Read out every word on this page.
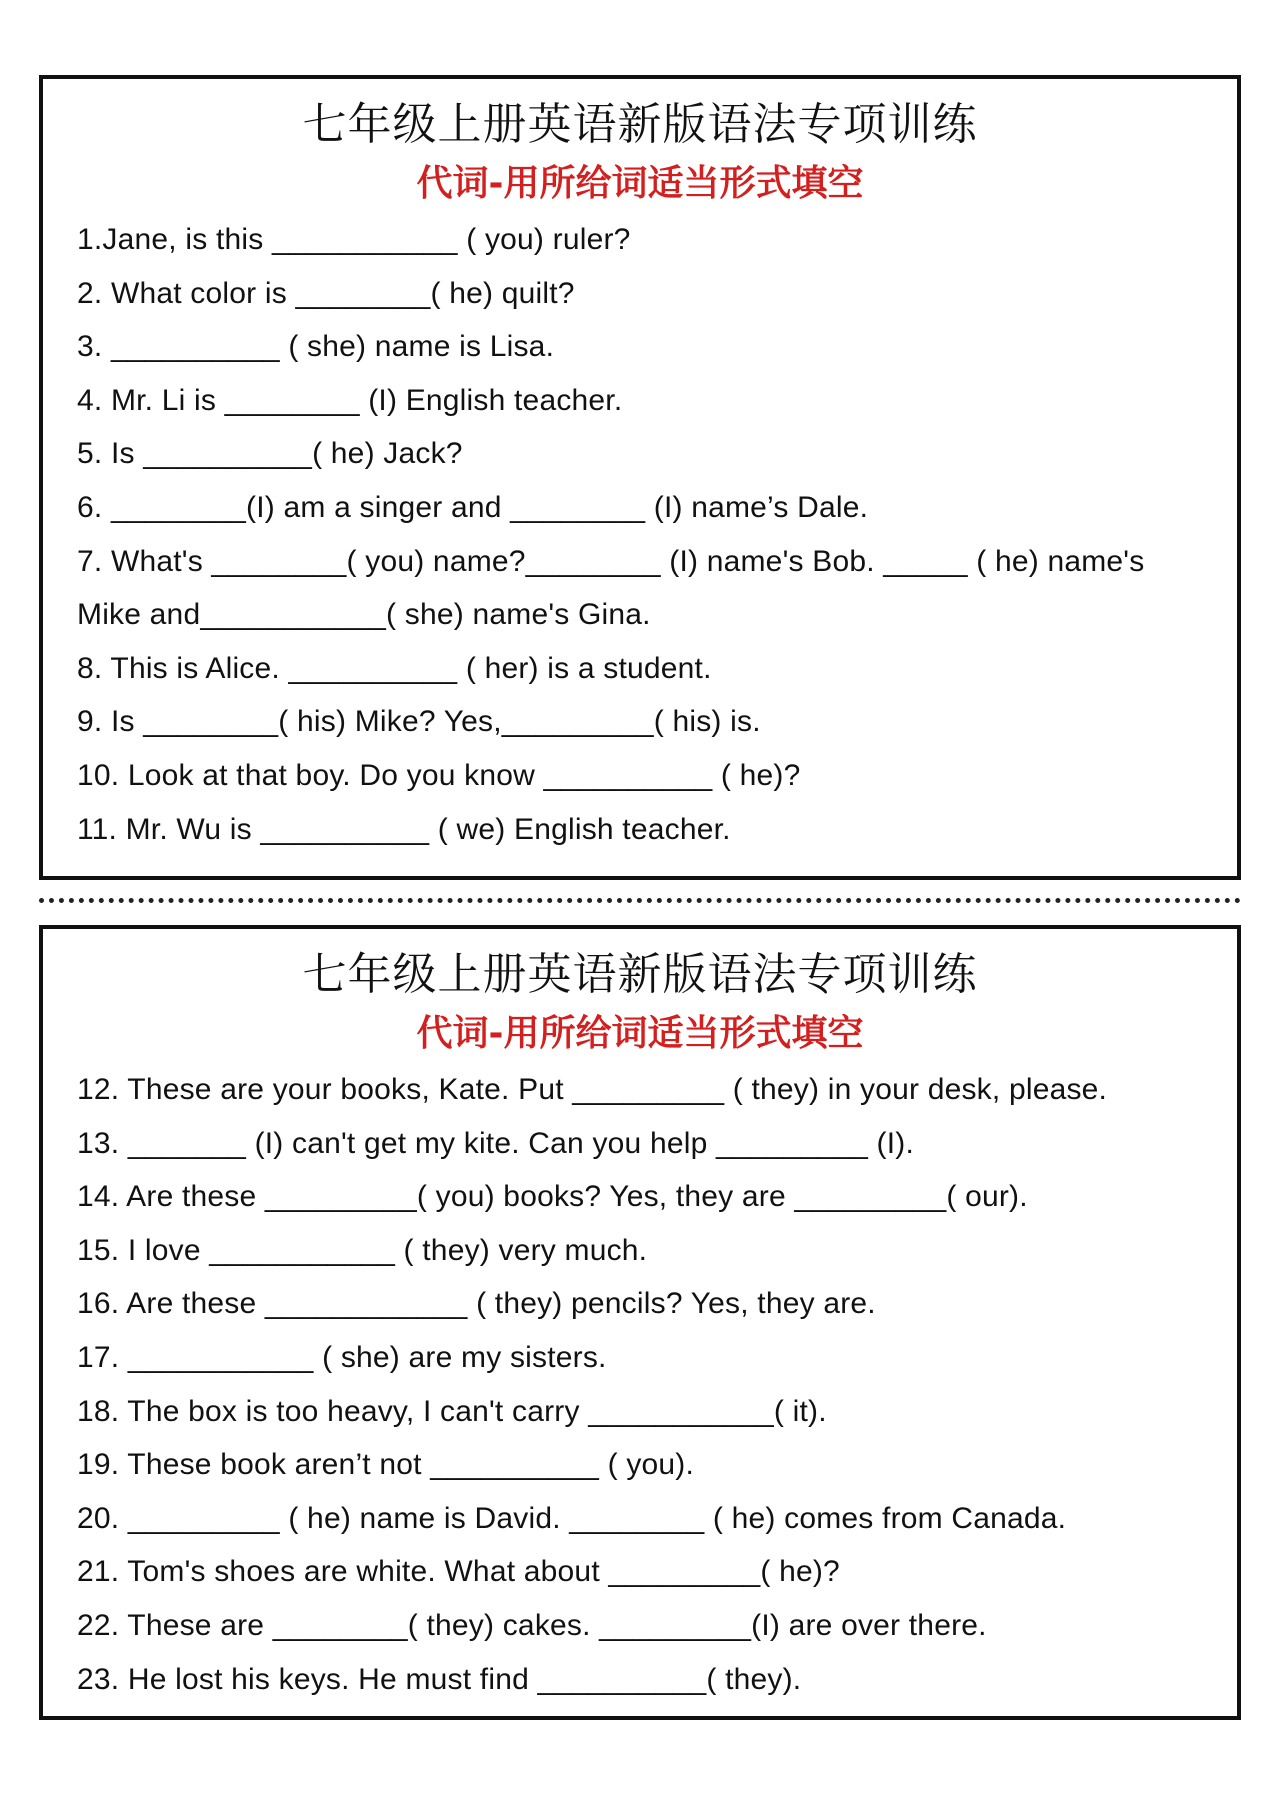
七年级上册英语新版语法专项训练
代词-用所给词适当形式填空
1.Jane, is this ___________ ( you) ruler?
2. What color is ________( he) quilt?
3. __________ ( she) name is Lisa.
4. Mr. Li is ________ (I) English teacher.
5. Is __________( he) Jack?
6. ________(I) am a singer and ________ (I) name’s Dale.
7. What's ________( you) name?________ (I) name's Bob. _____ ( he) name's Mike and___________( she) name's Gina.
8. This is Alice. __________ ( her) is a student.
9. Is ________( his) Mike? Yes,_________( his) is.
10. Look at that boy. Do you know __________ ( he)?
11. Mr. Wu is __________ ( we) English teacher.
七年级上册英语新版语法专项训练
代词-用所给词适当形式填空
12. These are your books, Kate. Put _________ ( they) in your desk, please.
13. _______ (I) can't get my kite. Can you help _________ (I).
14. Are these _________( you) books? Yes, they are _________( our).
15. I love ___________ ( they) very much.
16. Are these ____________ ( they) pencils? Yes, they are.
17. ___________ ( she) are my sisters.
18. The box is too heavy, I can't carry ___________( it).
19. These book aren’t not __________ ( you).
20. _________ ( he) name is David. ________ ( he) comes from Canada.
21. Tom's shoes are white. What about _________( he)?
22. These are ________( they) cakes. _________(I) are over there.
23. He lost his keys. He must find __________( they).
